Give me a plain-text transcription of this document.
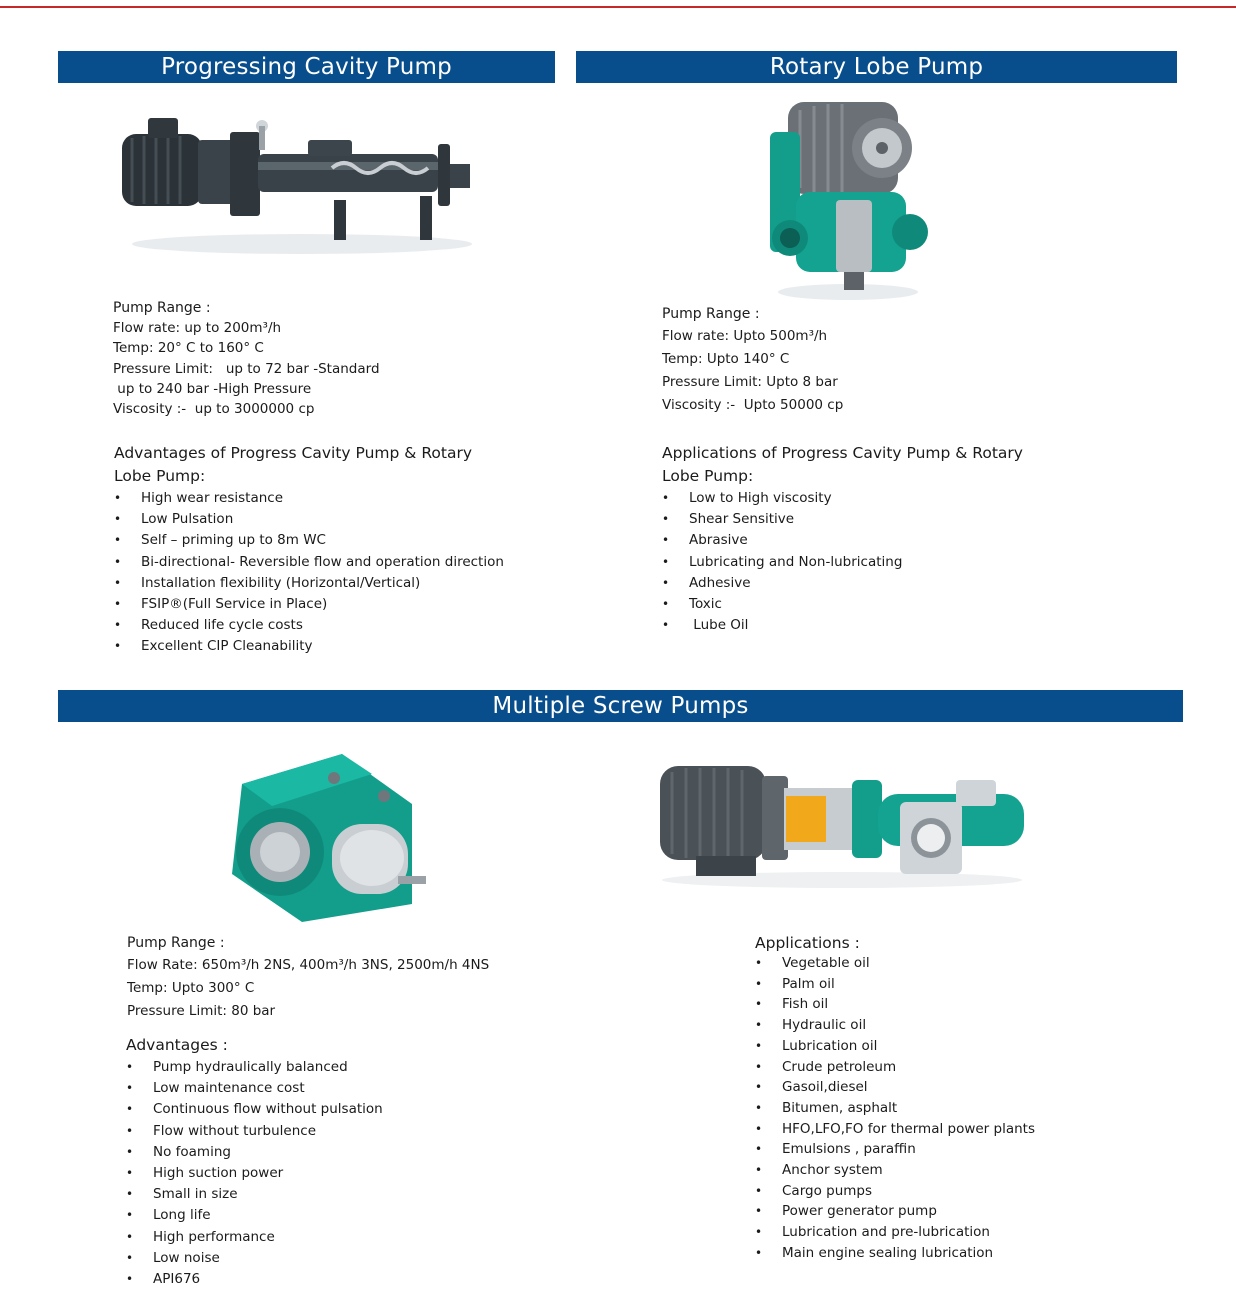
Progressing Cavity Pump	Rotary Lobe Pump
Multiple Screw Pumps

Pump Range :

Flow rate: up to 200m³/h

Temp: 20° C to 160° C

Pressure Limit:   up to 72 bar -Standard

up to 240 bar -High Pressure

Viscosity :-  up to 3000000 cp

Advantages of Progress Cavity Pump & Rotary

Lobe Pump:

• High wear resistance
• Low Pulsation
• Self – priming up to 8m WC
• Bi-directional- Reversible flow and operation direction
• Installation flexibility (Horizontal/Vertical)
• FSIP®(Full Service in Place)
• Reduced life cycle costs
• Excellent CIP Cleanability

Pump Range :

Flow rate: Upto 500m³/h

Temp: Upto 140° C

Pressure Limit: Upto 8 bar

Viscosity :-  Upto 50000 cp

Applications of Progress Cavity Pump & Rotary

Lobe Pump:

• Low to High viscosity
• Shear Sensitive
• Abrasive
• Lubricating and Non-lubricating
• Adhesive
• Toxic
•  Lube Oil

Pump Range :

Flow Rate: 650m³/h 2NS, 400m³/h 3NS, 2500m/h 4NS

Temp: Upto 300° C

Pressure Limit: 80 bar

Advantages :

• Pump hydraulically balanced
• Low maintenance cost
• Continuous flow without pulsation
• Flow without turbulence
• No foaming
• High suction power
• Small in size
• Long life
• High performance
• Low noise
• API676

Applications :

• Vegetable oil
• Palm oil
• Fish oil
• Hydraulic oil
• Lubrication oil
• Crude petroleum
• Gasoil,diesel
• Bitumen, asphalt
• HFO,LFO,FO for thermal power plants
• Emulsions , paraffin
• Anchor system
• Cargo pumps
• Power generator pump
• Lubrication and pre-lubrication
• Main engine sealing lubrication
